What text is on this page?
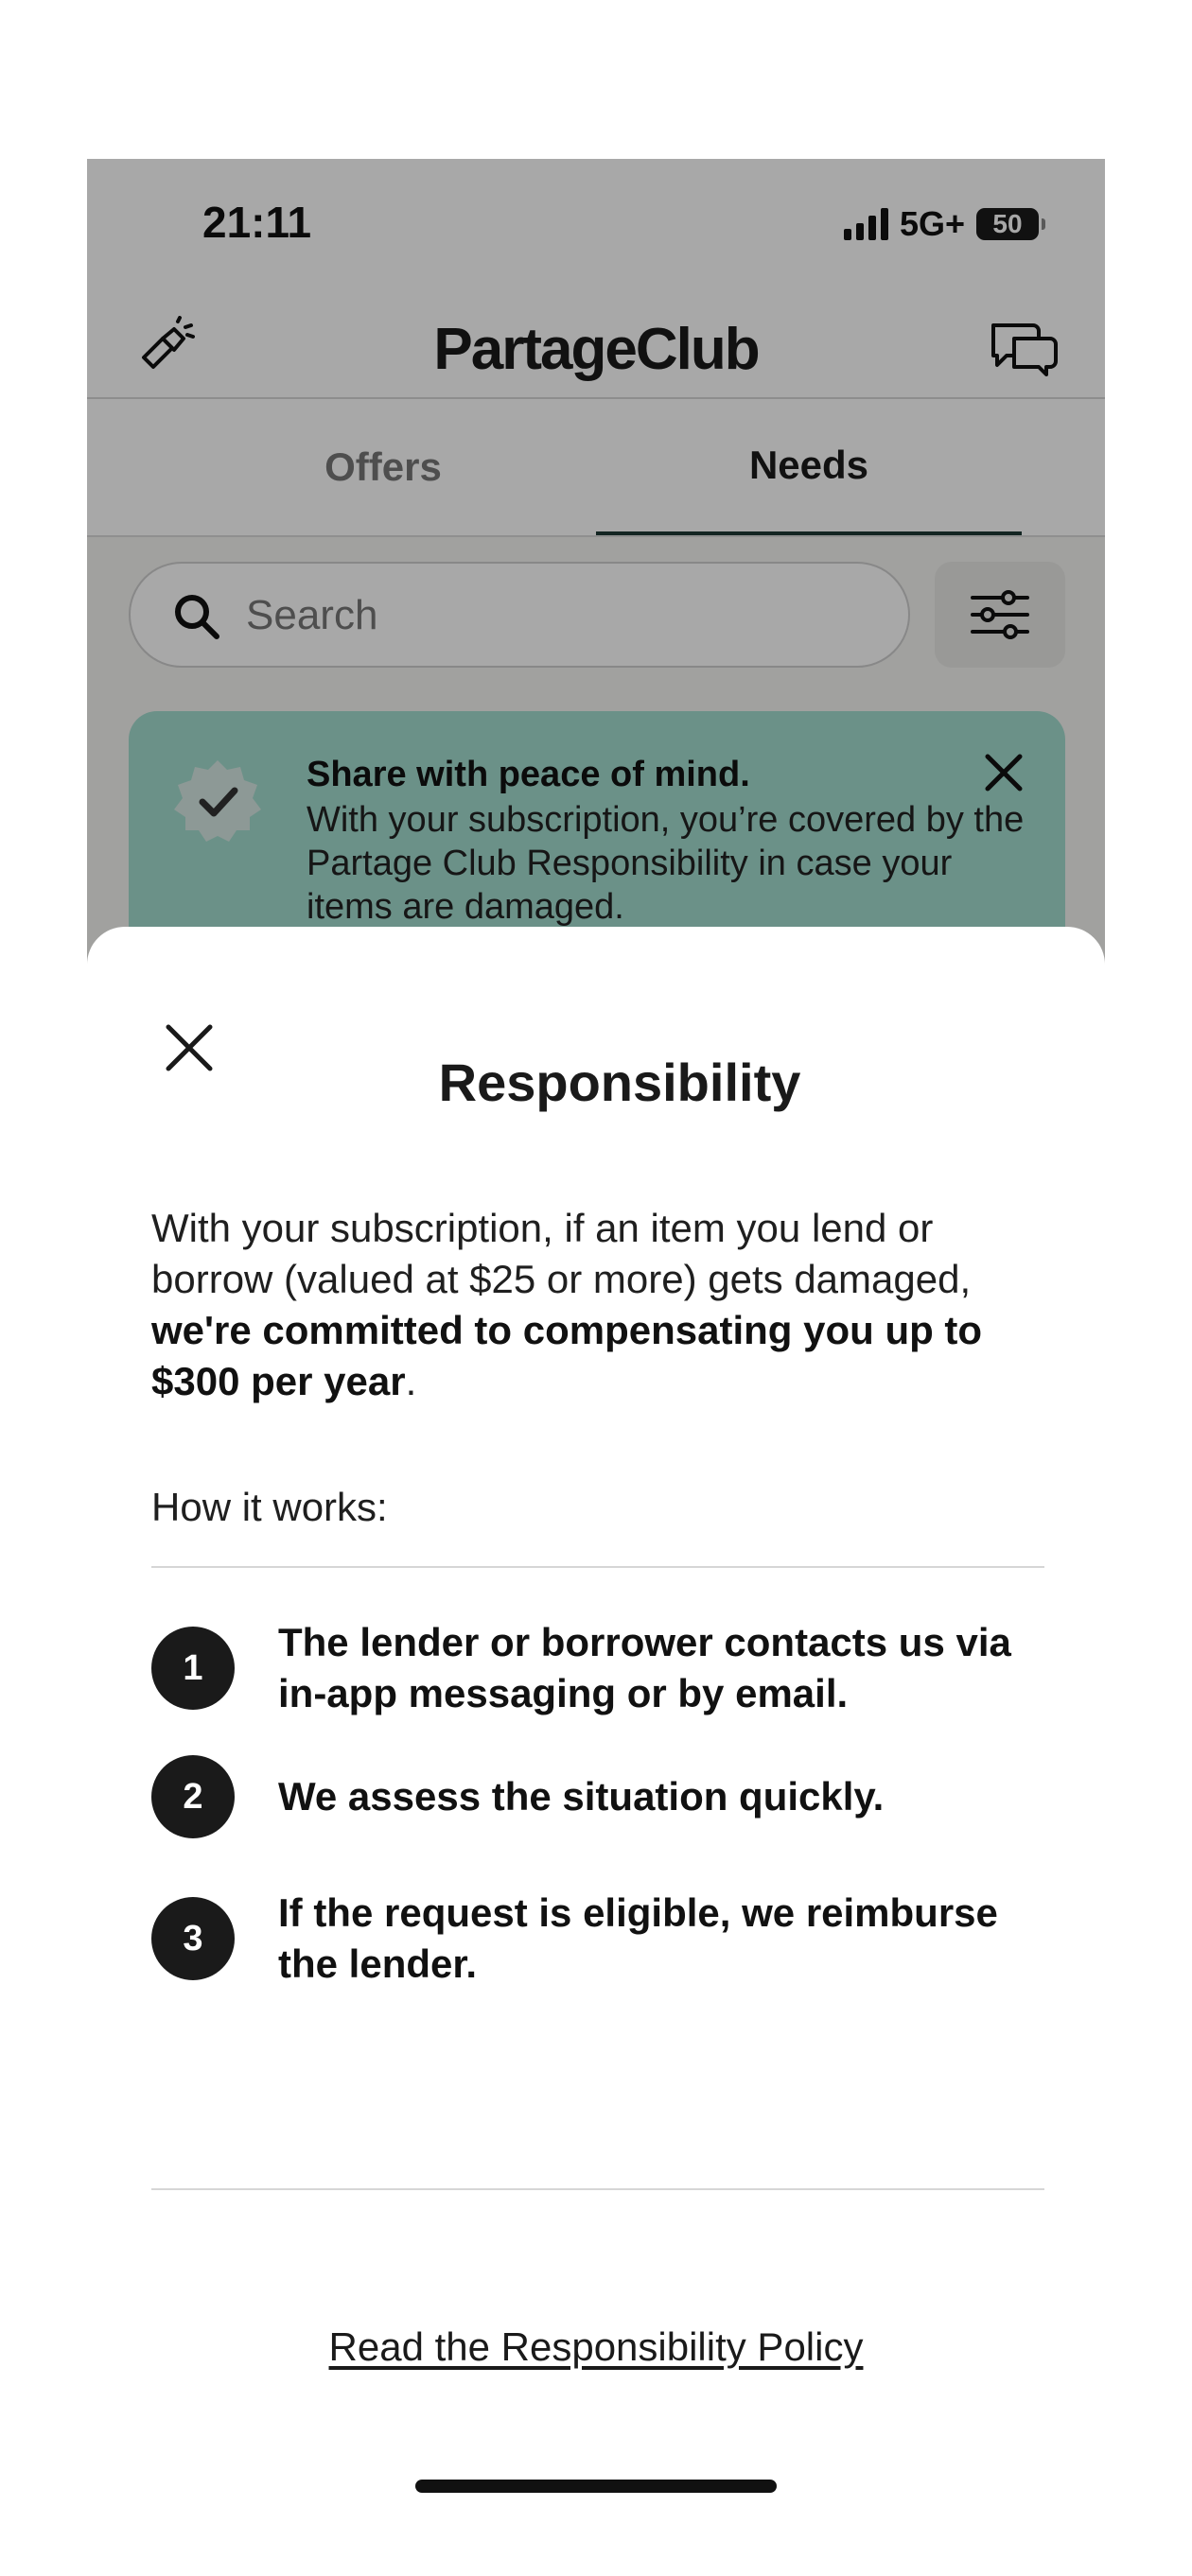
21:11	5G+ 50
PartageClub
Offers	Needs
Search
Share with peace of mind.
With your subscription, you’re covered by the Partage Club Responsibility in case your items are damaged.
Responsibility
With your subscription, if an item you lend or borrow (valued at $25 or more) gets damaged, we're committed to compensating you up to $300 per year.
How it works:
1
The lender or borrower contacts us via in-app messaging or by email.
2	We assess the situation quickly.
3
If the request is eligible, we reimburse the lender.
Read the Responsibility Policy
